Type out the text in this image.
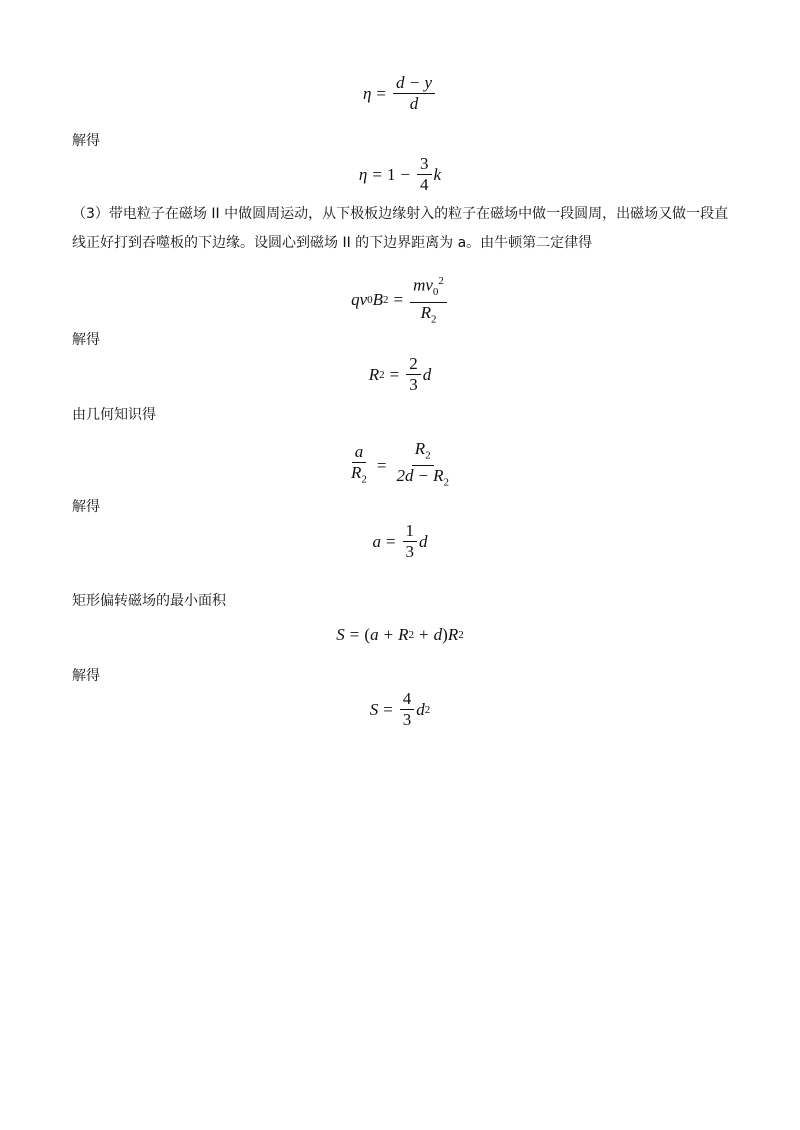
$\eta = \frac{d - y}{d}$
解得
$\eta = 1 - \frac{3}{4}$ k
（3）带电粒子在磁场 II 中做圆周运动，从下极板边缘射入的粒子在磁场中做一段圆周，出磁场又做一段直
线正好打到吞噬板的下边缘。设圆心到磁场 II 的下边界距离为 a。由牛顿第二定律得
q v 0 B $2 = \frac{mv_0^2}{R_2}$
解得
R $2 = \frac{2}{3}$ d
由几何知识得
$\frac{a}{R_2} = \frac{R_2}{2d - R_2}$
解得
$a = \frac{1}{3}$ d
矩形偏转磁场的最小面积
S = ( a + R 2 + d ) R 2
解得
$S = \frac{4}{3}$ d 2
